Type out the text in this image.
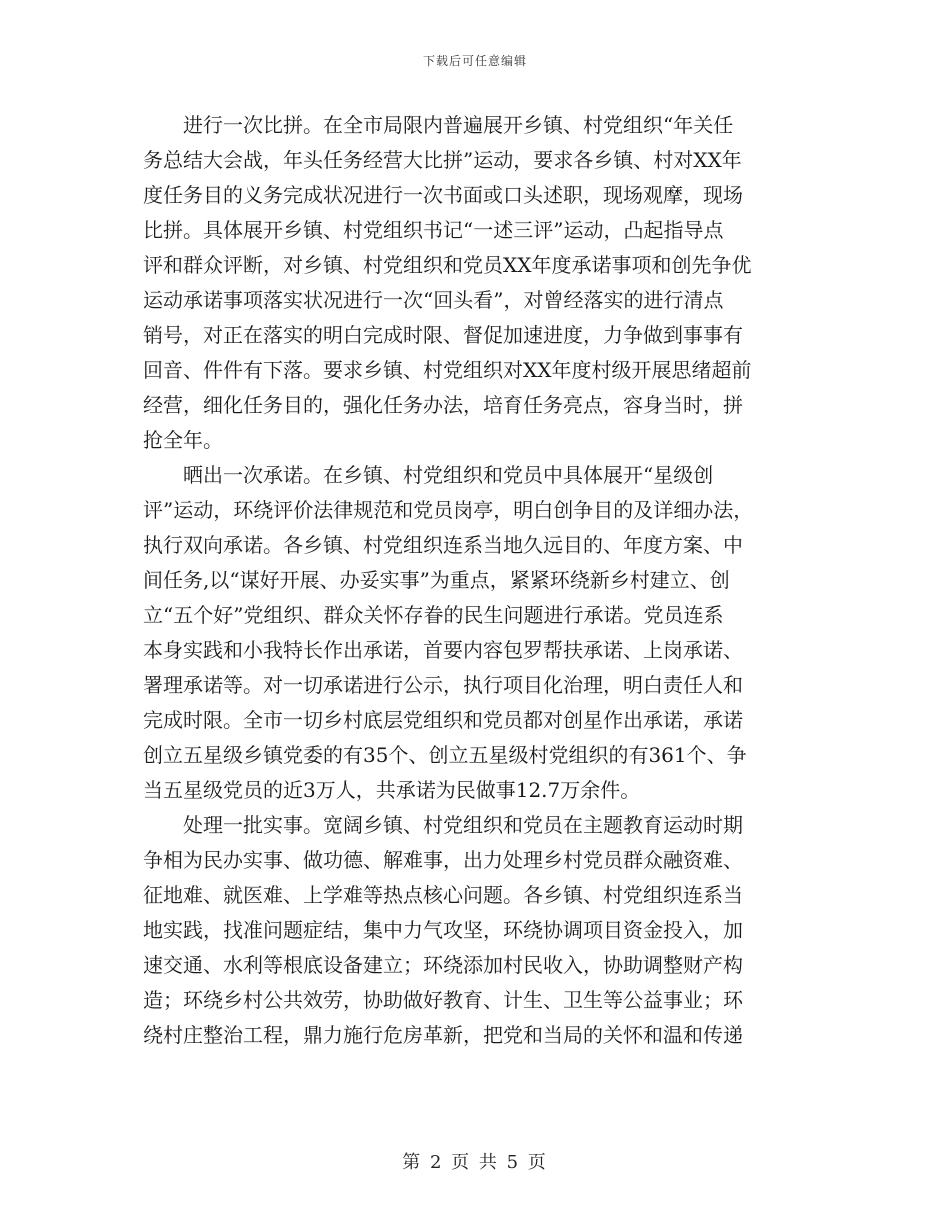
下载后可任意编辑
　　进行一次比拼。在全市局限内普遍展开乡镇、村党组织“年关任
务总结大会战，年头任务经营大比拼”运动，要求各乡镇、村对XX年
度任务目的义务完成状况进行一次书面或口头述职，现场观摩，现场
比拼。具体展开乡镇、村党组织书记“一述三评”运动，凸起指导点
评和群众评断，对乡镇、村党组织和党员XX年度承诺事项和创先争优
运动承诺事项落实状况进行一次“回头看”，对曾经落实的进行清点
销号，对正在落实的明白完成时限、督促加速进度，力争做到事事有
回音、件件有下落。要求乡镇、村党组织对XX年度村级开展思绪超前
经营，细化任务目的，强化任务办法，培育任务亮点，容身当时，拼
抢全年。
　　晒出一次承诺。在乡镇、村党组织和党员中具体展开“星级创
评”运动，环绕评价法律规范和党员岗亭，明白创争目的及详细办法，
执行双向承诺。各乡镇、村党组织连系当地久远目的、年度方案、中
间任务,以“谋好开展、办妥实事”为重点，紧紧环绕新乡村建立、创
立“五个好”党组织、群众关怀存眷的民生问题进行承诺。党员连系
本身实践和小我特长作出承诺，首要内容包罗帮扶承诺、上岗承诺、
署理承诺等。对一切承诺进行公示，执行项目化治理，明白责任人和
完成时限。全市一切乡村底层党组织和党员都对创星作出承诺，承诺
创立五星级乡镇党委的有35个、创立五星级村党组织的有361个、争
当五星级党员的近3万人，共承诺为民做事12.7万余件。
　　处理一批实事。宽阔乡镇、村党组织和党员在主题教育运动时期
争相为民办实事、做功德、解难事，出力处理乡村党员群众融资难、
征地难、就医难、上学难等热点核心问题。各乡镇、村党组织连系当
地实践，找准问题症结，集中力气攻坚，环绕协调项目资金投入，加
速交通、水利等根底设备建立；环绕添加村民收入，协助调整财产构
造；环绕乡村公共效劳，协助做好教育、计生、卫生等公益事业；环
绕村庄整治工程，鼎力施行危房革新，把党和当局的关怀和温和传递
第 2 页 共 5 页
